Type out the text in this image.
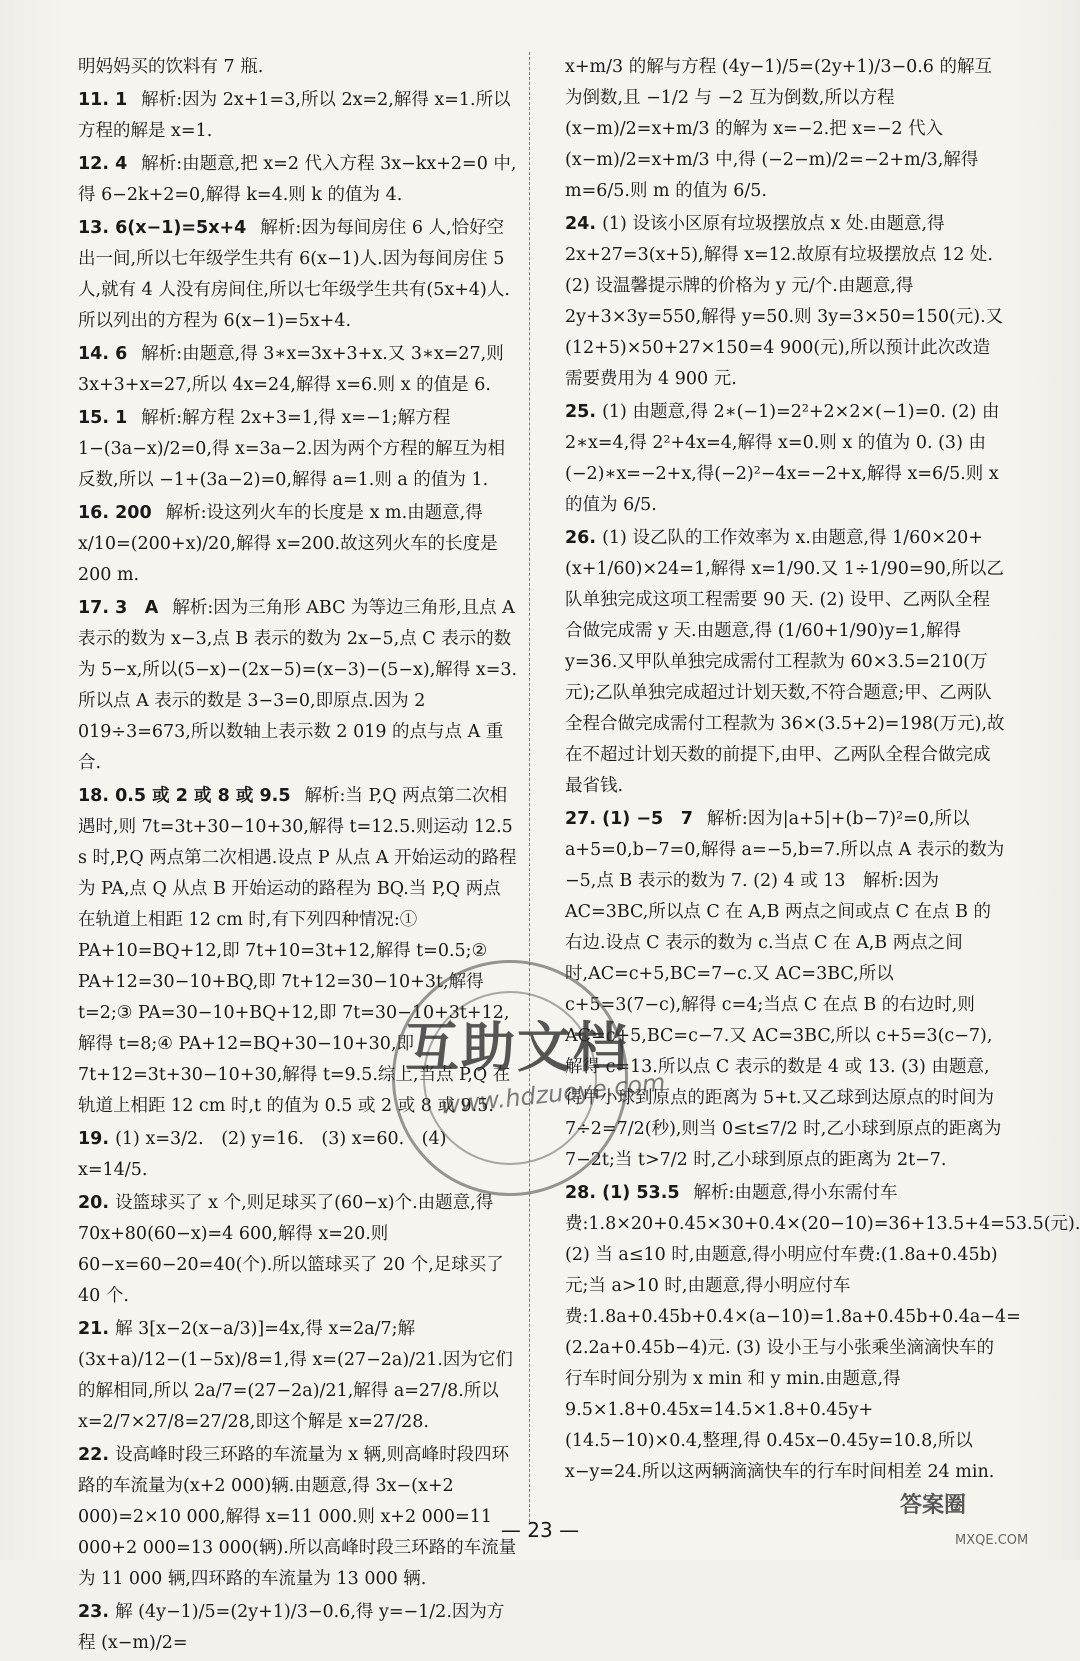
明妈妈买的饮料有 7 瓶.
11. 1 解析:因为 2x+1=3,所以 2x=2,解得 x=1.所以方程的解是 x=1.
12. 4 解析:由题意,把 x=2 代入方程 3x−kx+2=0 中,得 6−2k+2=0,解得 k=4.则 k 的值为 4.
13. 6(x−1)=5x+4 解析:因为每间房住 6 人,恰好空出一间,所以七年级学生共有 6(x−1)人.因为每间房住 5 人,就有 4 人没有房间住,所以七年级学生共有(5x+4)人.所以列出的方程为 6(x−1)=5x+4.
14. 6 解析:由题意,得 3∗x=3x+3+x.又 3∗x=27,则 3x+3+x=27,所以 4x=24,解得 x=6.则 x 的值是 6.
15. 1 解析:解方程 2x+3=1,得 x=−1;解方程 1−(3a−x)/2=0,得 x=3a−2.因为两个方程的解互为相反数,所以 −1+(3a−2)=0,解得 a=1.则 a 的值为 1.
16. 200 解析:设这列火车的长度是 x m.由题意,得 x/10=(200+x)/20,解得 x=200.故这列火车的长度是 200 m.
17. 3　A 解析:因为三角形 ABC 为等边三角形,且点 A 表示的数为 x−3,点 B 表示的数为 2x−5,点 C 表示的数为 5−x,所以(5−x)−(2x−5)=(x−3)−(5−x),解得 x=3.所以点 A 表示的数是 3−3=0,即原点.因为 2 019÷3=673,所以数轴上表示数 2 019 的点与点 A 重合.
18. 0.5 或 2 或 8 或 9.5 解析:当 P,Q 两点第二次相遇时,则 7t=3t+30−10+30,解得 t=12.5.则运动 12.5 s 时,P,Q 两点第二次相遇.设点 P 从点 A 开始运动的路程为 PA,点 Q 从点 B 开始运动的路程为 BQ.当 P,Q 两点在轨道上相距 12 cm 时,有下列四种情况:① PA+10=BQ+12,即 7t+10=3t+12,解得 t=0.5;② PA+12=30−10+BQ,即 7t+12=30−10+3t,解得 t=2;③ PA=30−10+BQ+12,即 7t=30−10+3t+12,解得 t=8;④ PA+12=BQ+30−10+30,即 7t+12=3t+30−10+30,解得 t=9.5.综上,当点 P,Q 在轨道上相距 12 cm 时,t 的值为 0.5 或 2 或 8 或 9.5.
19. (1) x=3/2.　(2) y=16.　(3) x=60.　(4) x=14/5.
20. 设篮球买了 x 个,则足球买了(60−x)个.由题意,得 70x+80(60−x)=4 600,解得 x=20.则 60−x=60−20=40(个).所以篮球买了 20 个,足球买了 40 个.
21. 解 3[x−2(x−a/3)]=4x,得 x=2a/7;解 (3x+a)/12−(1−5x)/8=1,得 x=(27−2a)/21.因为它们的解相同,所以 2a/7=(27−2a)/21,解得 a=27/8.所以 x=2/7×27/8=27/28,即这个解是 x=27/28.
22. 设高峰时段三环路的车流量为 x 辆,则高峰时段四环路的车流量为(x+2 000)辆.由题意,得 3x−(x+2 000)=2×10 000,解得 x=11 000.则 x+2 000=11 000+2 000=13 000(辆).所以高峰时段三环路的车流量为 11 000 辆,四环路的车流量为 13 000 辆.
23. 解 (4y−1)/5=(2y+1)/3−0.6,得 y=−1/2.因为方程 (x−m)/2=
x+m/3 的解与方程 (4y−1)/5=(2y+1)/3−0.6 的解互为倒数,且 −1/2 与 −2 互为倒数,所以方程 (x−m)/2=x+m/3 的解为 x=−2.把 x=−2 代入 (x−m)/2=x+m/3 中,得 (−2−m)/2=−2+m/3,解得 m=6/5.则 m 的值为 6/5.
24. (1) 设该小区原有垃圾摆放点 x 处.由题意,得 2x+27=3(x+5),解得 x=12.故原有垃圾摆放点 12 处. (2) 设温馨提示牌的价格为 y 元/个.由题意,得 2y+3×3y=550,解得 y=50.则 3y=3×50=150(元).又 (12+5)×50+27×150=4 900(元),所以预计此次改造需要费用为 4 900 元.
25. (1) 由题意,得 2∗(−1)=2²+2×2×(−1)=0. (2) 由 2∗x=4,得 2²+4x=4,解得 x=0.则 x 的值为 0. (3) 由(−2)∗x=−2+x,得(−2)²−4x=−2+x,解得 x=6/5.则 x 的值为 6/5.
26. (1) 设乙队的工作效率为 x.由题意,得 1/60×20+(x+1/60)×24=1,解得 x=1/90.又 1÷1/90=90,所以乙队单独完成这项工程需要 90 天. (2) 设甲、乙两队全程合做完成需 y 天.由题意,得 (1/60+1/90)y=1,解得 y=36.又甲队单独完成需付工程款为 60×3.5=210(万元);乙队单独完成超过计划天数,不符合题意;甲、乙两队全程合做完成需付工程款为 36×(3.5+2)=198(万元),故在不超过计划天数的前提下,由甲、乙两队全程合做完成最省钱.
27. (1) −5　7 解析:因为|a+5|+(b−7)²=0,所以 a+5=0,b−7=0,解得 a=−5,b=7.所以点 A 表示的数为 −5,点 B 表示的数为 7. (2) 4 或 13　解析:因为 AC=3BC,所以点 C 在 A,B 两点之间或点 C 在点 B 的右边.设点 C 表示的数为 c.当点 C 在 A,B 两点之间时,AC=c+5,BC=7−c.又 AC=3BC,所以 c+5=3(7−c),解得 c=4;当点 C 在点 B 的右边时,则 AC=c+5,BC=c−7.又 AC=3BC,所以 c+5=3(c−7),解得 c=13.所以点 C 表示的数是 4 或 13. (3) 由题意,得甲小球到原点的距离为 5+t.又乙球到达原点的时间为 7÷2=7/2(秒),则当 0≤t≤7/2 时,乙小球到原点的距离为 7−2t;当 t>7/2 时,乙小球到原点的距离为 2t−7.
28. (1) 53.5 解析:由题意,得小东需付车费:1.8×20+0.45×30+0.4×(20−10)=36+13.5+4=53.5(元). (2) 当 a≤10 时,由题意,得小明应付车费:(1.8a+0.45b)元;当 a>10 时,由题意,得小明应付车费:1.8a+0.45b+0.4×(a−10)=1.8a+0.45b+0.4a−4=(2.2a+0.45b−4)元. (3) 设小王与小张乘坐滴滴快车的行车时间分别为 x min 和 y min.由题意,得 9.5×1.8+0.45x=14.5×1.8+0.45y+(14.5−10)×0.4,整理,得 0.45x−0.45y=10.8,所以 x−y=24.所以这两辆滴滴快车的行车时间相差 24 min.
互助文档
www.hdzuoye.com
— 23 —
答案圈
MXQE.COM
